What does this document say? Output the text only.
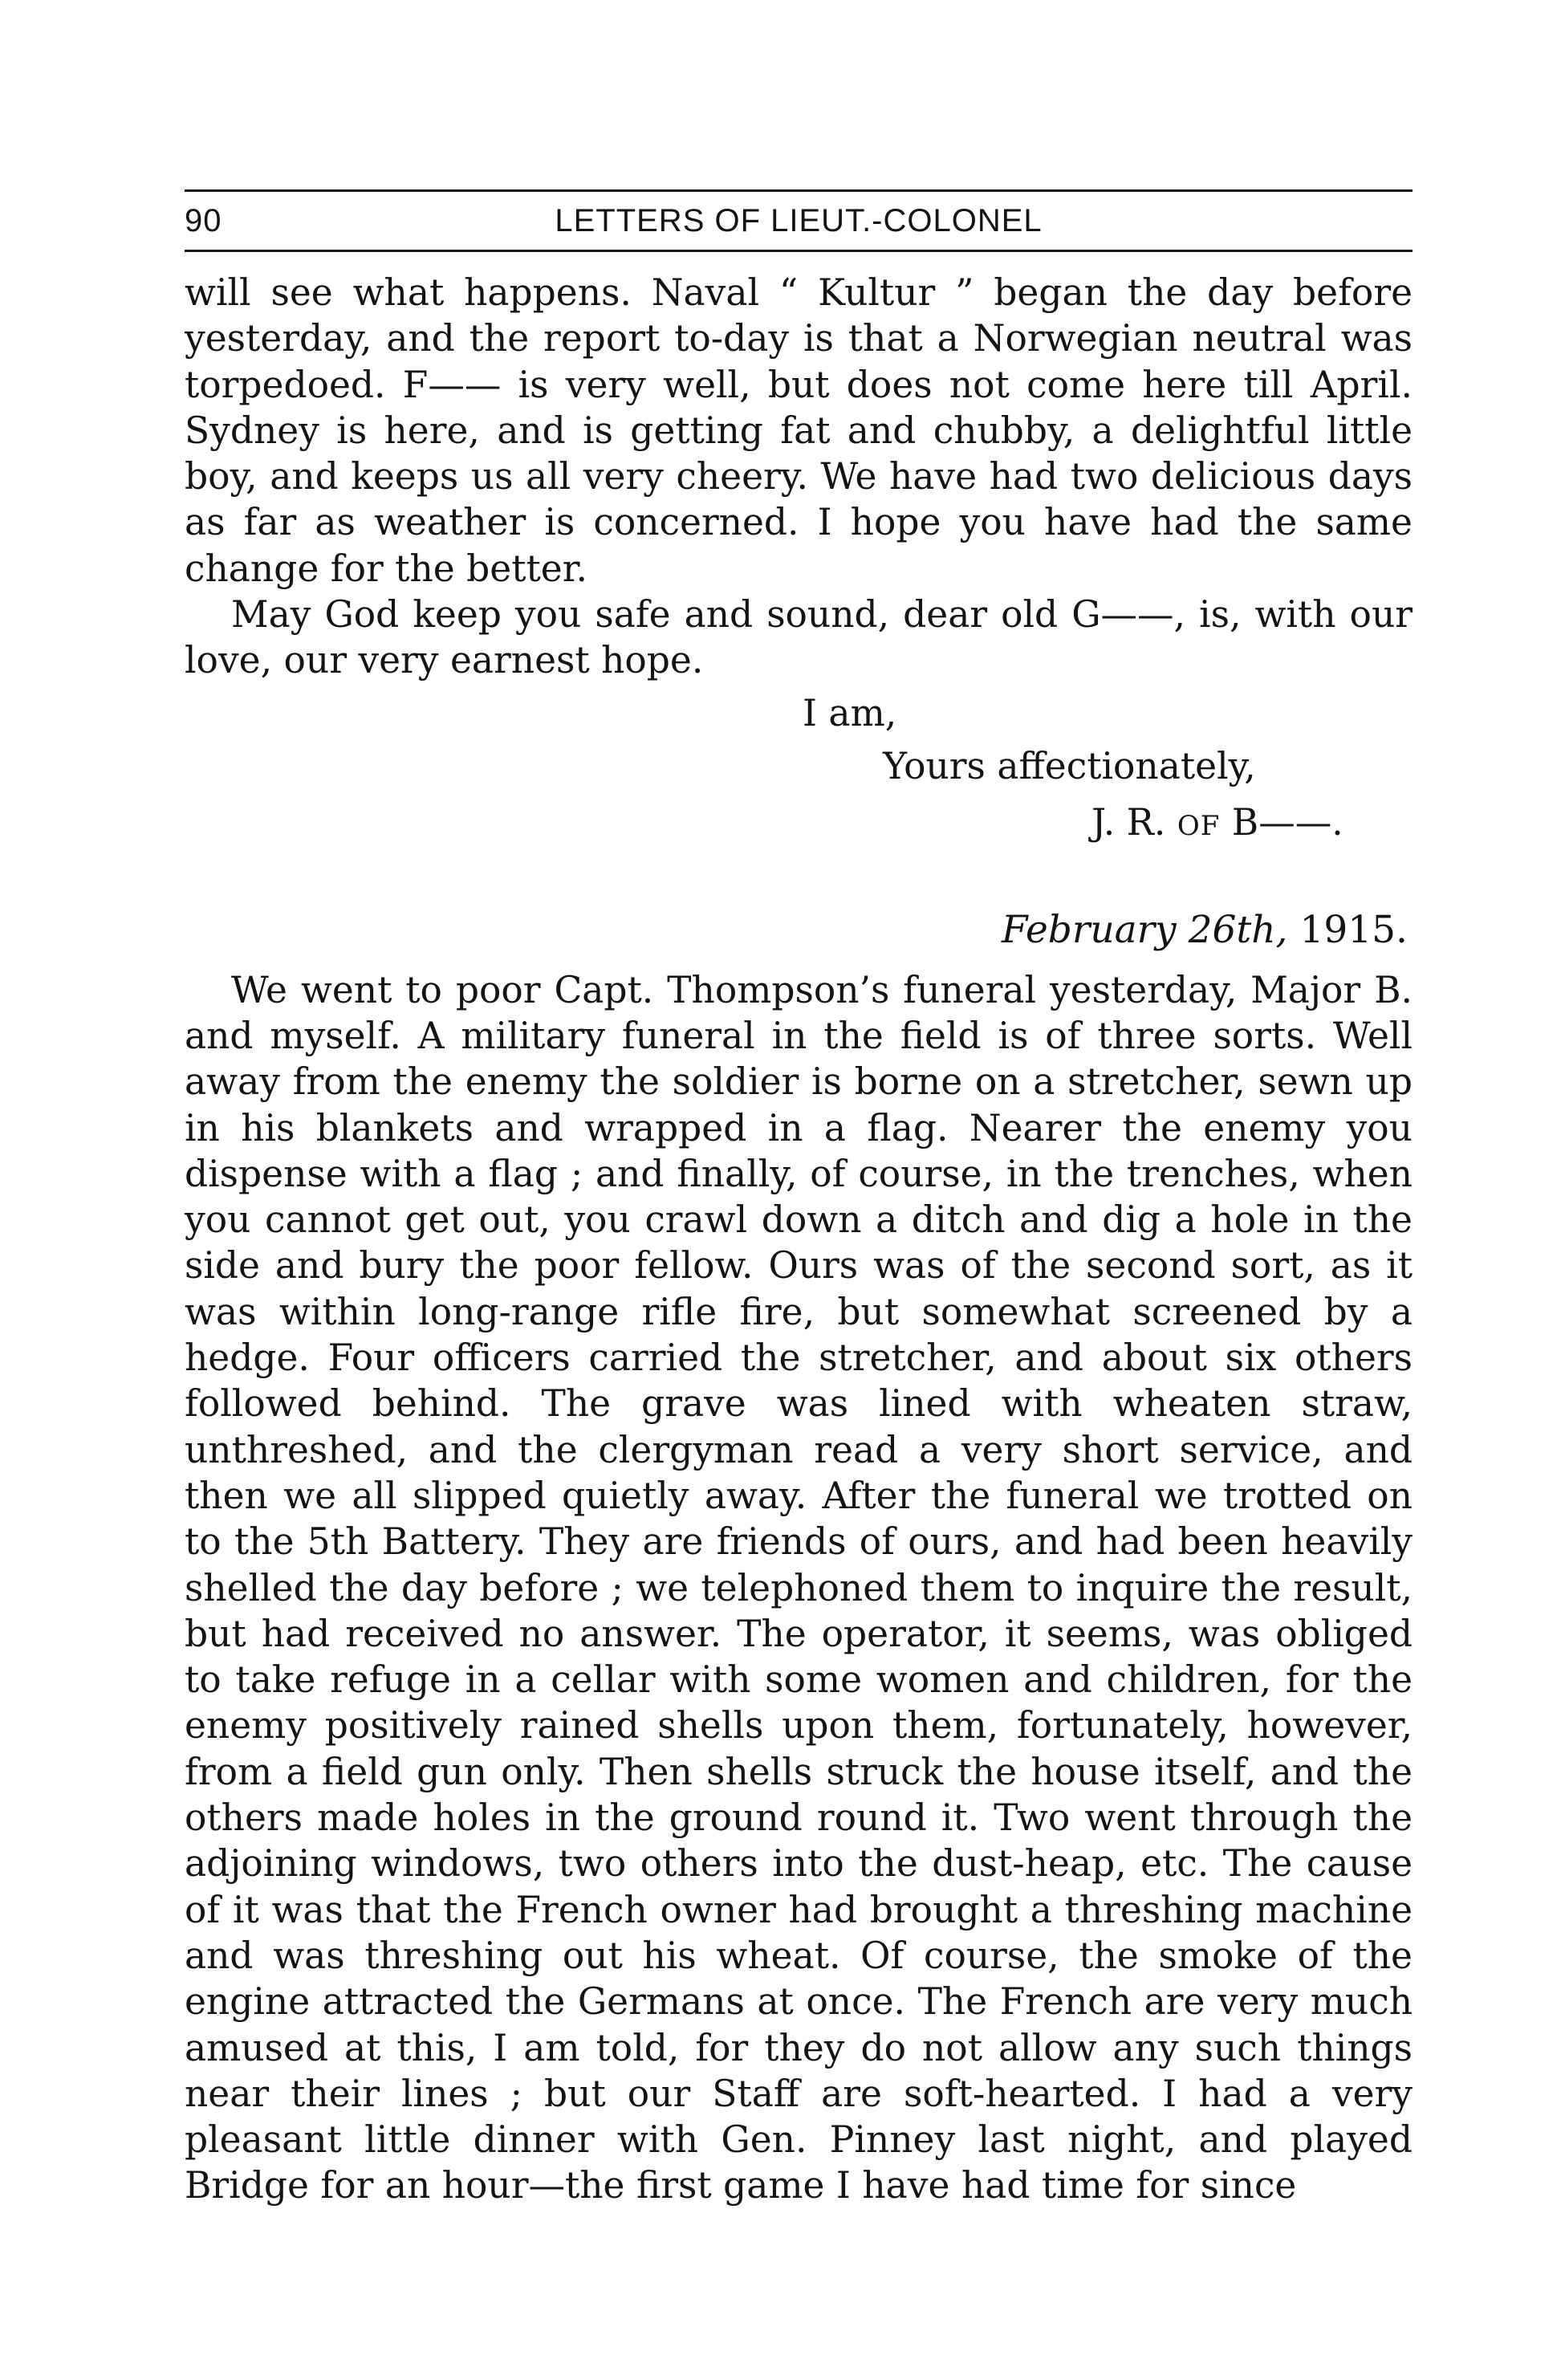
90	LETTERS OF LIEUT.-COLONEL

will see what happens. Naval “ Kultur ” began the day before yesterday, and the report to-day is that a Norwegian neutral was torpedoed. F—— is very well, but does not come here till April. Sydney is here, and is getting fat and chubby, a delightful little boy, and keeps us all very cheery. We have had two delicious days as far as weather is concerned. I hope you have had the same change for the better.

May God keep you safe and sound, dear old G——, is, with our love, our very earnest hope.

I am,
Yours affectionately,
J. R. OF B——.
February 26th, 1915.

We went to poor Capt. Thompson’s funeral yesterday, Major B. and myself. A military funeral in the field is of three sorts. Well away from the enemy the soldier is borne on a stretcher, sewn up in his blankets and wrapped in a flag. Nearer the enemy you dispense with a flag ; and finally, of course, in the trenches, when you cannot get out, you crawl down a ditch and dig a hole in the side and bury the poor fellow. Ours was of the second sort, as it was within long-range rifle fire, but somewhat screened by a hedge. Four officers carried the stretcher, and about six others followed behind. The grave was lined with wheaten straw, unthreshed, and the clergyman read a very short service, and then we all slipped quietly away. After the funeral we trotted on to the 5th Battery. They are friends of ours, and had been heavily shelled the day before ; we telephoned them to inquire the result, but had received no answer. The operator, it seems, was obliged to take refuge in a cellar with some women and children, for the enemy positively rained shells upon them, fortunately, however, from a field gun only. Then shells struck the house itself, and the others made holes in the ground round it. Two went through the adjoining windows, two others into the dust-heap, etc. The cause of it was that the French owner had brought a threshing machine and was threshing out his wheat. Of course, the smoke of the engine attracted the Germans at once. The French are very much amused at this, I am told, for they do not allow any such things near their lines ; but our Staff are soft-hearted. I had a very pleasant little dinner with Gen. Pinney last night, and played Bridge for an hour—the first game I have had time for since
